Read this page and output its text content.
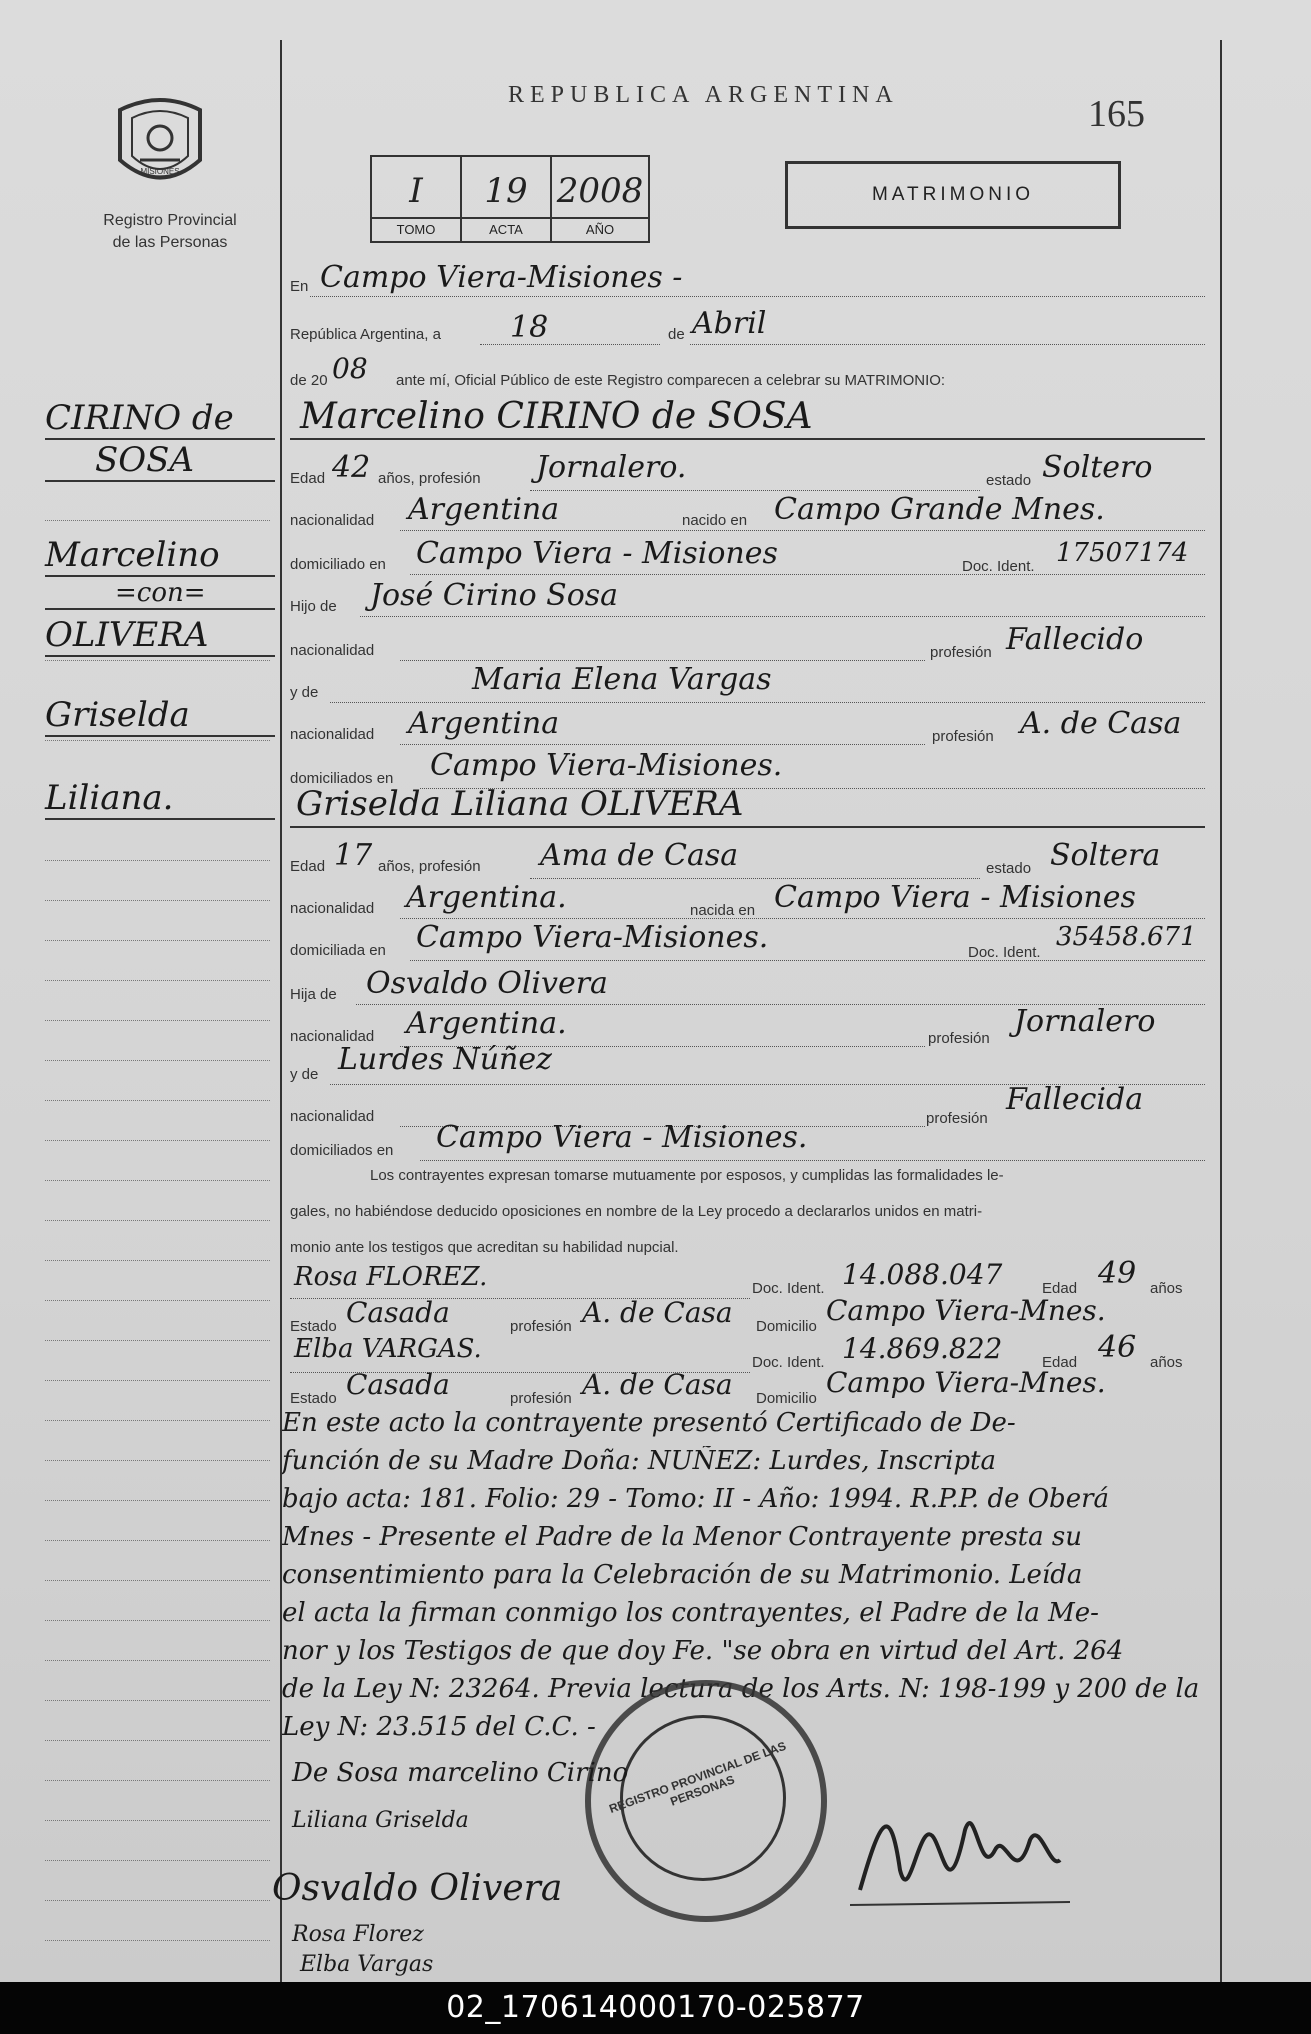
MISIONES
Registro Provincial
de las Personas
REPUBLICA ARGENTINA	165
I
TOMO
19
ACTA
2008
AÑO
MATRIMONIO
CIRINO de
SOSA
Marcelino
=con=
OLIVERA
Griselda
Liliana.
En Campo Viera-Misiones -
República Argentina, a 18	de Abril
de 20 08 ante mí, Oficial Público de este Registro comparecen a celebrar su MATRIMONIO:
Marcelino CIRINO de SOSA
Edad 42 años, profesión Jornalero.	estado Soltero
nacionalidad Argentina	nacido en Campo Grande Mnes.
domiciliado en Campo Viera - Misiones	Doc. Ident. 17507174
Hijo de José Cirino Sosa
nacionalidad	profesión Fallecido
y de	Maria Elena Vargas
nacionalidad Argentina	profesión A. de Casa
domiciliados en Campo Viera-Misiones.
Griselda Liliana OLIVERA
Edad 17 años, profesión Ama de Casa	estado Soltera
nacionalidad Argentina.	nacida en Campo Viera - Misiones
domiciliada en Campo Viera-Misiones.	Doc. Ident.
35458.671
Hija de Osvaldo Olivera
nacionalidad Argentina.	profesión Jornalero
y de Lurdes Núñez
nacionalidad	profesión
Fallecida
domiciliados en Campo Viera - Misiones.
Los contrayentes expresan tomarse mutuamente por esposos, y cumplidas las formalidades le-
gales, no habiéndose deducido oposiciones en nombre de la Ley procedo a declararlos unidos en matri-
monio ante los testigos que acreditan su habilidad nupcial.
Rosa FLOREZ.	Doc. Ident. 14.088.047	Edad 49 años
Estado Casada	profesión A. de Casa Domicilio Campo Viera-Mnes.
Elba VARGAS.	Doc. Ident. 14.869.822	Edad 46 años
Estado Casada	profesión A. de Casa Domicilio Campo Viera-Mnes.
En este acto la contrayente presentó Certificado de De-
función de su Madre Doña: NUÑEZ: Lurdes, Inscripta
bajo acta: 181. Folio: 29 - Tomo: II - Año: 1994. R.P.P. de Oberá
Mnes - Presente el Padre de la Menor Contrayente presta su
consentimiento para la Celebración de su Matrimonio. Leída
el acta la firman conmigo los contrayentes, el Padre de la Me-
nor y los Testigos de que doy Fe. "se obra en virtud del Art. 264
de la Ley N: 23264. Previa lectura de los Arts. N: 198-199 y 200 de la
Ley N: 23.515 del C.C. -
REGISTRO PROVINCIAL DE LAS PERSONAS
De Sosa marcelino Cirino
Liliana Griselda
Osvaldo Olivera
Rosa Florez
Elba Vargas
02_170614000170-025877
